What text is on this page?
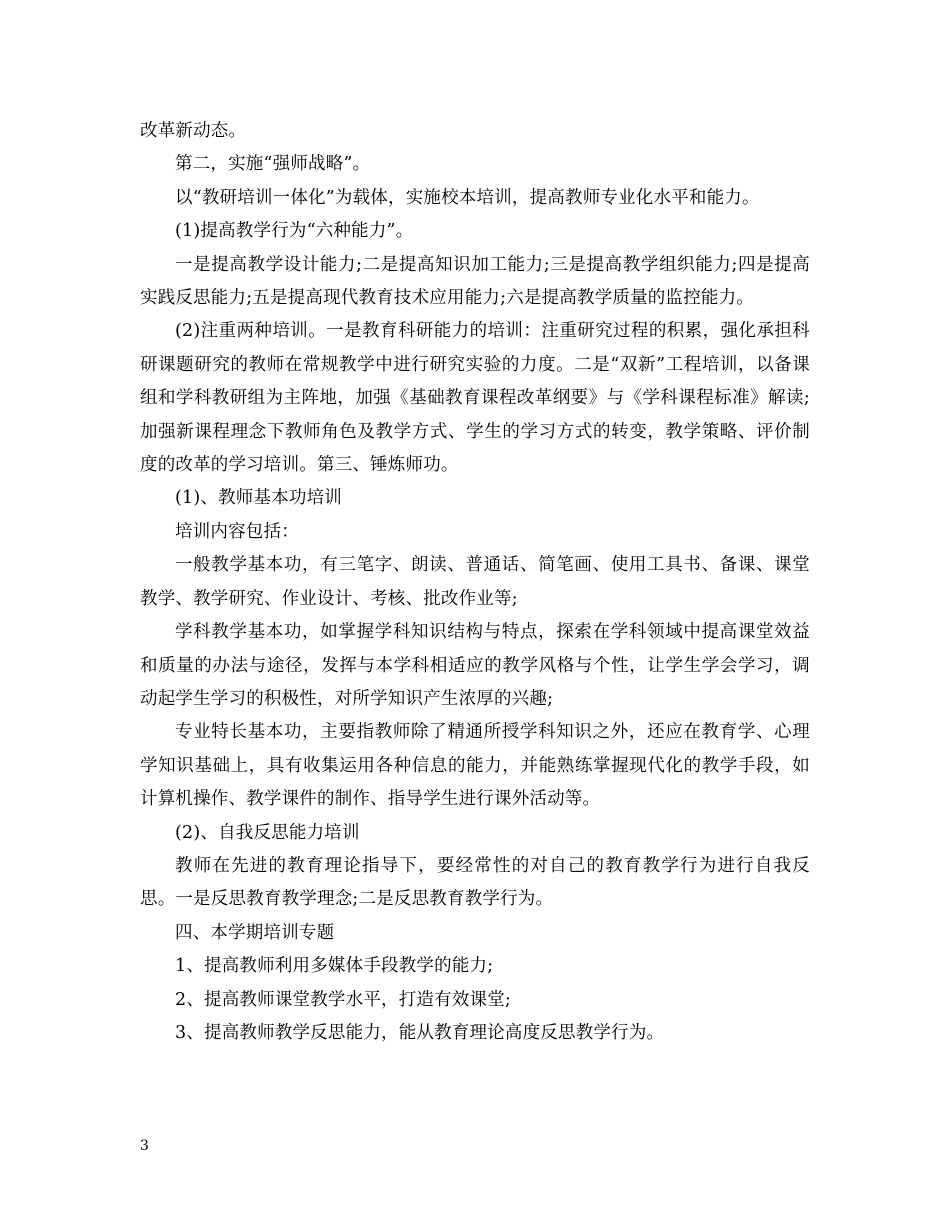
改革新动态。

第二，实施“强师战略”。

以“教研培训一体化”为载体，实施校本培训，提高教师专业化水平和能力。

(1)提高教学行为“六种能力”。

一是提高教学设计能力;二是提高知识加工能力;三是提高教学组织能力;四是提高实践反思能力;五是提高现代教育技术应用能力;六是提高教学质量的监控能力。

(2)注重两种培训。一是教育科研能力的培训：注重研究过程的积累，强化承担科研课题研究的教师在常规教学中进行研究实验的力度。二是“双新”工程培训，以备课组和学科教研组为主阵地，加强《基础教育课程改革纲要》与《学科课程标准》解读;加强新课程理念下教师角色及教学方式、学生的学习方式的转变，教学策略、评价制度的改革的学习培训。第三、锤炼师功。

(1)、教师基本功培训

培训内容包括：

一般教学基本功，有三笔字、朗读、普通话、简笔画、使用工具书、备课、课堂教学、教学研究、作业设计、考核、批改作业等;

学科教学基本功，如掌握学科知识结构与特点，探索在学科领域中提高课堂效益和质量的办法与途径，发挥与本学科相适应的教学风格与个性，让学生学会学习，调动起学生学习的积极性，对所学知识产生浓厚的兴趣;

专业特长基本功，主要指教师除了精通所授学科知识之外，还应在教育学、心理学知识基础上，具有收集运用各种信息的能力，并能熟练掌握现代化的教学手段，如计算机操作、教学课件的制作、指导学生进行课外活动等。

(2)、自我反思能力培训

教师在先进的教育理论指导下，要经常性的对自己的教育教学行为进行自我反思。一是反思教育教学理念;二是反思教育教学行为。

四、本学期培训专题

1、提高教师利用多媒体手段教学的能力;

2、提高教师课堂教学水平，打造有效课堂;

3、提高教师教学反思能力，能从教育理论高度反思教学行为。

3
